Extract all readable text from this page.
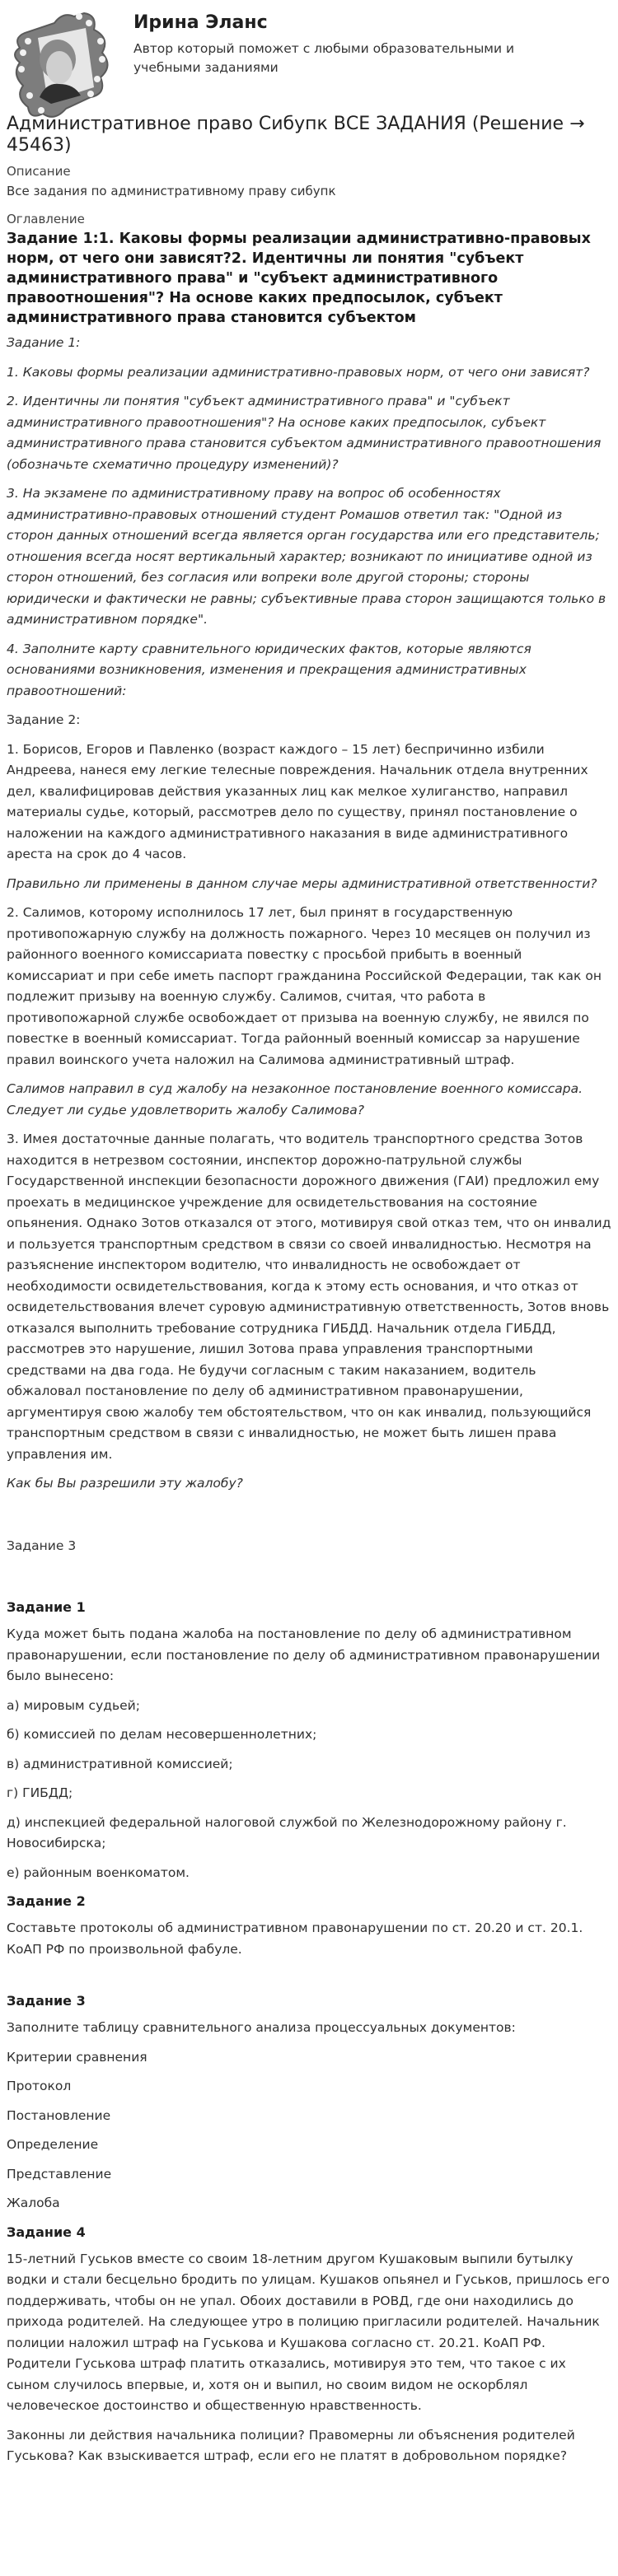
Ирина Эланс
Автор который поможет с любыми образовательными и учебными заданиями
Административное право Сибупк ВСЕ ЗАДАНИЯ (Решение → 45463)
Описание
Все задания по административному праву сибупк
Оглавление
Задание 1:1. Каковы формы реализации административно-правовых норм, от чего они зависят?2. Идентичны ли понятия "субъект административного права" и "субъект административного правоотношения"? На основе каких предпосылок, субъект административного права становится субъектом

Задание 1:

1. Каковы формы реализации административно-правовых норм, от чего они зависят?

2. Идентичны ли понятия "субъект административного права" и "субъект административного правоотношения"? На основе каких предпосылок, субъект административного права становится субъектом административного правоотношения (обозначьте схематично процедуру изменений)?

3. На экзамене по административному праву на вопрос об особенностях административно-правовых отношений студент Ромашов ответил так: "Одной из сторон данных отношений всегда является орган государства или его представитель; отношения всегда носят вертикальный характер; возникают по инициативе одной из сторон отношений, без согласия или вопреки воле другой стороны; стороны юридически и фактически не равны; субъективные права сторон защищаются только в административном порядке".

4. Заполните карту сравнительного юридических фактов, которые являются основаниями возникновения, изменения и прекращения административных правоотношений:

Задание 2:

1. Борисов, Егоров и Павленко (возраст каждого – 15 лет) беспричинно избили Андреева, нанеся ему легкие телесные повреждения. Начальник отдела внутренних дел, квалифицировав действия указанных лиц как мелкое хулиганство, направил материалы судье, который, рассмотрев дело по существу, принял постановление о наложении на каждого административного наказания в виде административного ареста на срок до 4 часов.

Правильно ли применены в данном случае меры административной ответственности?

2. Салимов, которому исполнилось 17 лет, был принят в государственную противопожарную службу на должность пожарного. Через 10 месяцев он получил из районного военного комиссариата повестку с просьбой прибыть в военный комиссариат и при себе иметь паспорт гражданина Российской Федерации, так как он подлежит призыву на военную службу. Салимов, считая, что работа в противопожарной службе освобождает от призыва на военную службу, не явился по повестке в военный комиссариат. Тогда районный военный комиссар за нарушение правил воинского учета наложил на Салимова административный штраф.

Салимов направил в суд жалобу на незаконное постановление военного комиссара. Следует ли судье удовлетворить жалобу Салимова?

3. Имея достаточные данные полагать, что водитель транспортного средства Зотов находится в нетрезвом состоянии, инспектор дорожно-патрульной службы Государственной инспекции безопасности дорожного движения (ГАИ) предложил ему проехать в медицинское учреждение для освидетельствования на состояние опьянения. Однако Зотов отказался от этого, мотивируя свой отказ тем, что он инвалид и пользуется транспортным средством в связи со своей инвалидностью. Несмотря на разъяснение инспектором водителю, что инвалидность не освобождает от необходимости освидетельствования, когда к этому есть основания, и что отказ от освидетельствования влечет суровую административную ответственность, Зотов вновь отказался выполнить требование сотрудника ГИБДД. Начальник отдела ГИБДД, рассмотрев это нарушение, лишил Зотова права управления транспортными средствами на два года. Не будучи согласным с таким наказанием, водитель обжаловал постановление по делу об административном правонарушении, аргументируя свою жалобу тем обстоятельством, что он как инвалид, пользующийся транспортным средством в связи с инвалидностью, не может быть лишен права управления им.

Как бы Вы разрешили эту жалобу?

Задание 3
Задание 1

Куда может быть подана жалоба на постановление по делу об административном правонарушении, если постановление по делу об административном правонарушении было вынесено:

а) мировым судьей;

б) комиссией по делам несовершеннолетних;

в) административной комиссией;

г) ГИБДД;

д) инспекцией федеральной налоговой службой по Железнодорожному району г. Новосибирска;

е) районным военкоматом.

Задание 2

Составьте протоколы об административном правонарушении по ст. 20.20 и ст. 20.1. КоАП РФ по произвольной фабуле.

Задание 3

Заполните таблицу сравнительного анализа процессуальных документов:

Критерии сравнения

Протокол

Постановление

Определение

Представление

Жалоба

Задание 4

15-летний Гуськов вместе со своим 18-летним другом Кушаковым выпили бутылку водки и стали бесцельно бродить по улицам. Кушаков опьянел и Гуськов, пришлось его поддерживать, чтобы он не упал. Обоих доставили в РОВД, где они находились до прихода родителей. На следующее утро в полицию пригласили родителей. Начальник полиции наложил штраф на Гуськова и Кушакова согласно ст. 20.21. КоАП РФ. Родители Гуськова штраф платить отказались, мотивируя это тем, что такое с их сыном случилось впервые, и, хотя он и выпил, но своим видом не оскорблял человеческое достоинство и общественную нравственность.

Законны ли действия начальника полиции? Правомерны ли объяснения родителей Гуськова? Как взыскивается штраф, если его не платят в добровольном порядке?
